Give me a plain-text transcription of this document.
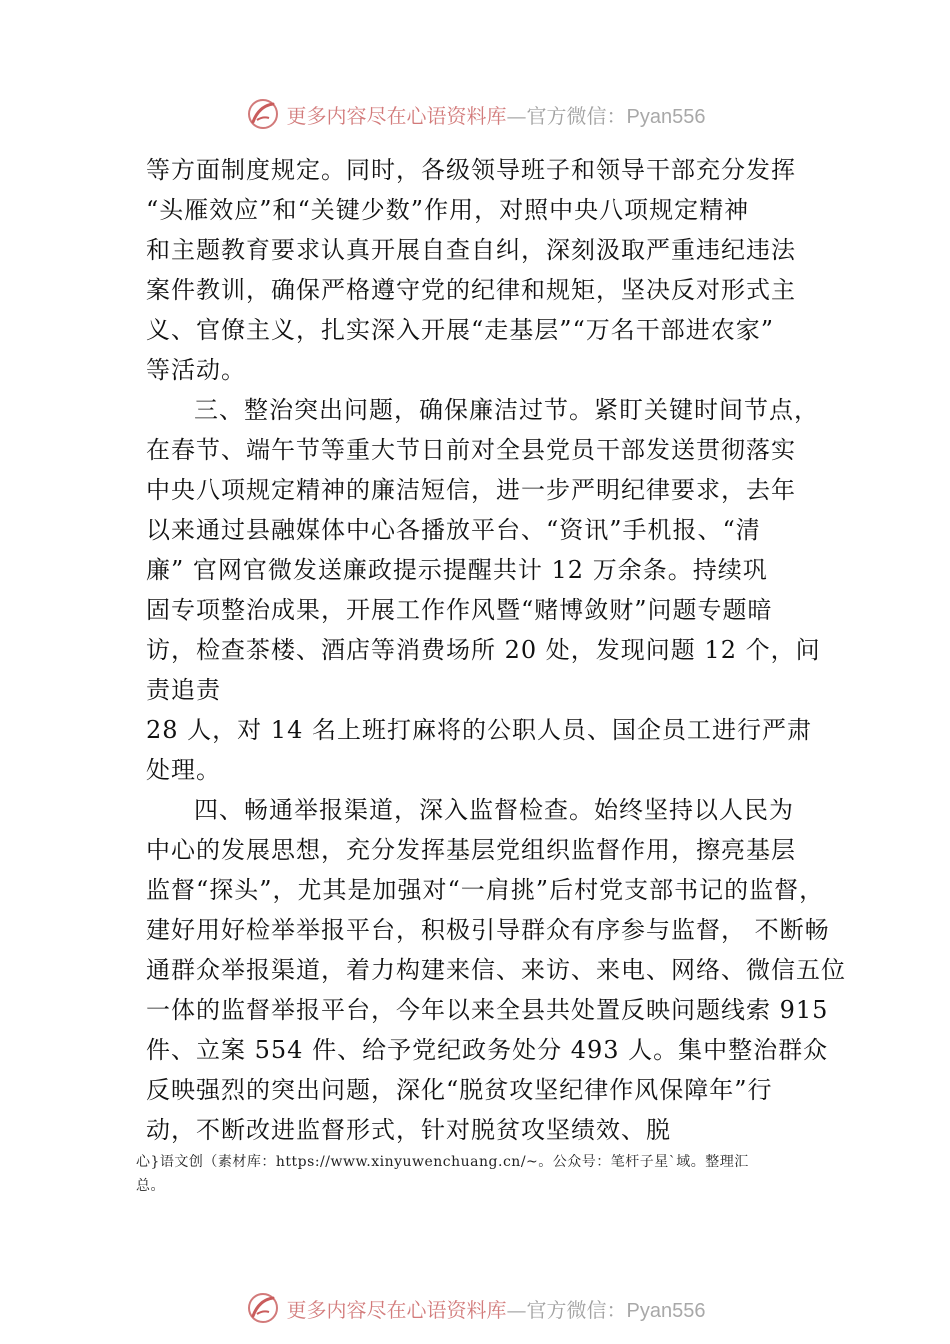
更多内容尽在心语资料库—官方微信：Pyan556
等方面制度规定。同时，各级领导班子和领导干部充分发挥
“头雁效应”和“关键少数”作用，对照中央八项规定精神
和主题教育要求认真开展自查自纠，深刻汲取严重违纪违法
案件教训，确保严格遵守党的纪律和规矩，坚决反对形式主
义、官僚主义，扎实深入开展“走基层”“万名干部进农家”
等活动。
三、整治突出问题，确保廉洁过节。紧盯关键时间节点，
在春节、端午节等重大节日前对全县党员干部发送贯彻落实
中央八项规定精神的廉洁短信，进一步严明纪律要求，去年
以来通过县融媒体中心各播放平台、“资讯”手机报、“清
廉” 官网官微发送廉政提示提醒共计 12 万余条。持续巩
固专项整治成果，开展工作作风暨“赌博敛财”问题专题暗
访，检查茶楼、酒店等消费场所 20 处，发现问题 12 个，问
责追责
28 人，对 14 名上班打麻将的公职人员、国企员工进行严肃
处理。
四、畅通举报渠道，深入监督检查。始终坚持以人民为
中心的发展思想，充分发挥基层党组织监督作用，擦亮基层
监督“探头”，尤其是加强对“一肩挑”后村党支部书记的监督，
建好用好检举举报平台，积极引导群众有序参与监督， 不断畅
通群众举报渠道，着力构建来信、来访、来电、网络、微信五位
一体的监督举报平台，今年以来全县共处置反映问题线索 915
件、立案 554 件、给予党纪政务处分 493 人。集中整治群众
反映强烈的突出问题，深化“脱贫攻坚纪律作风保障年”行
动，不断改进监督形式，针对脱贫攻坚绩效、脱
心}语文创（素材库：https://www.xinyuwenchuang.cn/~。公众号：笔杆子星`域。整理汇
总。
更多内容尽在心语资料库—官方微信：Pyan556
